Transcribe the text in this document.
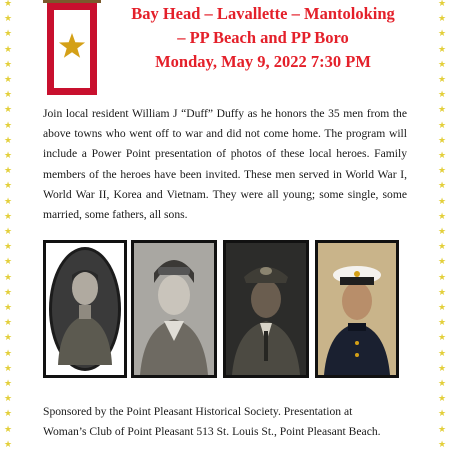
★
★
★
★
★
★
★
★
★
★
★
★
★
★
★
★
★
★
★
★
★
★
★
★
★
★
★
★
★
★
★
★
★
★
★
★
★
★
★
★
★
★
★
★
★
★
★
★
★
★
★
★
★
★
★
★
★
★
★
★
Bay Head – Lavallette – Mantoloking
– PP Beach and PP Boro
Monday, May 9, 2022 7:30 PM
Join local resident William J “Duff” Duffy as he honors the 35 men from the above towns who went off to war and did not come home. The program will include a Power Point presentation of photos of these local heroes. Family members of the heroes have been invited. These men served in World War I, World War II, Korea and Vietnam. They were all young; some single, some married, some fathers, all sons.
Sponsored by the Point Pleasant Historical Society. Presentation at
Woman’s Club of Point Pleasant 513 St. Louis St., Point Pleasant Beach.
